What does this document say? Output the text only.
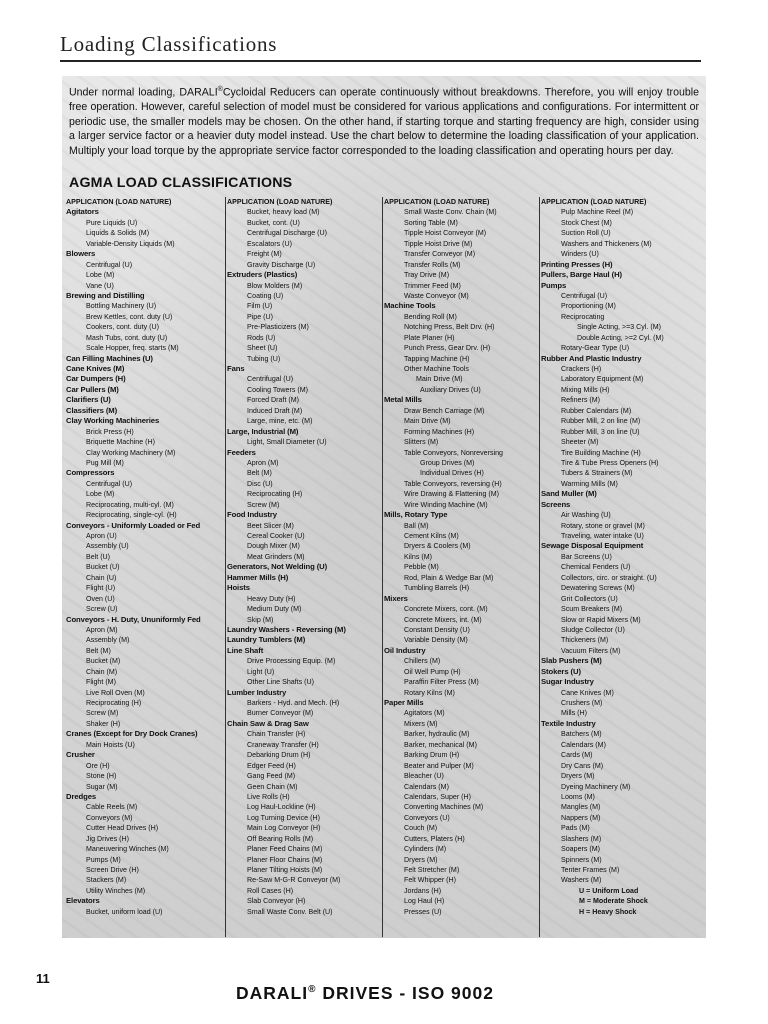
Loading Classifications

Under normal loading, DARALI®Cycloidal Reducers can operate continuously without breakdowns. Therefore, you will enjoy trouble free operation. However, careful selection of model must be considered for various applications and configurations. For intermittent or periodic use, the smaller models may be chosen. On the other hand, if starting torque and starting frequency are high, consider using a larger service factor or a heavier duty model instead. Use the chart below to determine the loading classification of your application. Multiply your load torque by the appropriate service factor corresponded to the loading classification and operating hours per day.

AGMA LOAD CLASSIFICATIONS
APPLICATION (LOAD NATURE)
Agitators
Pure Liquids (U)
Liquids & Solids (M)
Variable-Density Liquids (M)
Blowers
Centrifugal (U)
Lobe (M)
Vane (U)
Brewing and Distilling
Bottling Machinery (U)
Brew Kettles, cont. duty (U)
Cookers, cont. duty (U)
Mash Tubs, cont. duty (U)
Scale Hopper, freq. starts (M)
Can Filling Machines (U)
Cane Knives (M)
Car Dumpers (H)
Car Pullers (M)
Clarifiers (U)
Classifiers (M)
Clay Working Machineries
Brick Press (H)
Briquette Machine (H)
Clay Working Machinery (M)
Pug Mill (M)
Compressors
Centrifugal (U)
Lobe (M)
Reciprocating, multi-cyl. (M)
Reciprocating, single-cyl. (H)
Conveyors - Uniformly Loaded or Fed
Apron (U)
Assembly (U)
Belt (U)
Bucket (U)
Chain (U)
Flight (U)
Oven (U)
Screw (U)
Conveyors - H. Duty, Ununiformly Fed
Apron (M)
Assembly (M)
Belt (M)
Bucket (M)
Chain (M)
Flight (M)
Live Roll Oven (M)
Reciprocating (H)
Screw (M)
Shaker (H)
Cranes (Except for Dry Dock Cranes)
Main Hoists (U)
Crusher
Ore (H)
Stone (H)
Sugar (M)
Dredges
Cable Reels (M)
Conveyors (M)
Cutter Head Drives (H)
Jig Drives (H)
Maneuvering Winches (M)
Pumps (M)
Screen Drive (H)
Stackers (M)
Utility Winches (M)
Elevators
Bucket, uniform load (U)
APPLICATION (LOAD NATURE)
Bucket, heavy load (M)
Bucket, cont. (U)
Centrifugal Discharge (U)
Escalators (U)
Freight (M)
Gravity Discharge (U)
Extruders (Plastics)
Blow Molders (M)
Coating (U)
Film (U)
Pipe (U)
Pre-Plasticizers (M)
Rods (U)
Sheet (U)
Tubing (U)
Fans
Centrifugal (U)
Cooling Towers (M)
Forced Draft (M)
Induced Draft (M)
Large, mine, etc. (M)
Large, Industrial (M)
Light, Small Diameter (U)
Feeders
Apron (M)
Belt (M)
Disc (U)
Reciprocating (H)
Screw (M)
Food Industry
Beet Slicer (M)
Cereal Cooker (U)
Dough Mixer (M)
Meat Grinders (M)
Generators, Not Welding (U)
Hammer Mills (H)
Hoists
Heavy Duty (H)
Medium Duty (M)
Skip (M)
Laundry Washers - Reversing (M)
Laundry Tumblers (M)
Line Shaft
Drive Processing Equip. (M)
Light (U)
Other Line Shafts (U)
Lumber Industry
Barkers - Hyd. and Mech. (H)
Burner Conveyor (M)
Chain Saw & Drag Saw
Chain Transfer (H)
Craneway Transfer (H)
Debarking Drum (H)
Edger Feed (H)
Gang Feed (M)
Geen Chain (M)
Live Rolls (H)
Log Haul-Lockline (H)
Log Turning Device (H)
Main Log Conveyor (H)
Off Bearing Rolls (M)
Planer Feed Chains (M)
Planer Floor Chains (M)
Planer Tilting Hoists (M)
Re-Saw M-G-R Conveyor (M)
Roll Cases (H)
Slab Conveyor (H)
Small Waste Conv. Belt (U)
APPLICATION (LOAD NATURE)
Small Waste Conv. Chain (M)
Sorting Table (M)
Tipple Hoist Conveyor (M)
Tipple Hoist Drive (M)
Transfer Conveyor (M)
Transfer Rolls (M)
Tray Drive (M)
Trimmer Feed (M)
Waste Conveyor (M)
Machine Tools
Bending Roll (M)
Notching Press, Belt Drv. (H)
Plate Planer (H)
Punch Press, Gear Drv. (H)
Tapping Machine (H)
Other Machine Tools
Main Drive (M)
Auxiliary Drives (U)
Metal Mills
Draw Bench Carriage (M)
Main Drive (M)
Forming Machines (H)
Slitters (M)
Table Conveyors, Nonreversing
Group Drives (M)
Individual Drives (H)
Table Conveyors, reversing (H)
Wire Drawing & Flattening (M)
Wire Winding Machine (M)
Mills, Rotary Type
Ball (M)
Cement Kilns (M)
Dryers & Coolers (M)
Kilns (M)
Pebble (M)
Rod, Plain & Wedge Bar (M)
Tumbling Barrels (H)
Mixers
Concrete Mixers, cont. (M)
Concrete Mixers, int. (M)
Constant Density (U)
Variable Density (M)
Oil Industry
Chillers (M)
Oil Well Pump (H)
Paraffin Filter Press (M)
Rotary Kilns (M)
Paper Mills
Agitators (M)
Mixers (M)
Barker, hydraulic (M)
Barker, mechanical (M)
Barking Drum (H)
Beater and Pulper (M)
Bleacher (U)
Calendars (M)
Calendars, Super (H)
Converting Machines (M)
Conveyors (U)
Couch (M)
Cutters, Platers (H)
Cylinders (M)
Dryers (M)
Felt Stretcher (M)
Felt Whipper (H)
Jordans (H)
Log Haul (H)
Presses (U)
APPLICATION (LOAD NATURE)
Pulp Machine Reel (M)
Stock Chest (M)
Suction Roll (U)
Washers and Thickeners (M)
Winders (U)
Printing Presses (H)
Pullers, Barge Haul (H)
Pumps
Centrifugal (U)
Proportioning (M)
Reciprocating
Single Acting, >=3 Cyl. (M)
Double Acting, >=2 Cyl. (M)
Rotary-Gear Type (U)
Rubber And Plastic Industry
Crackers (H)
Laboratory Equipment (M)
Mixing Mills (H)
Refiners (M)
Rubber Calendars (M)
Rubber Mill, 2 on line (M)
Rubber Mill, 3 on line (U)
Sheeter (M)
Tire Building Machine (H)
Tire & Tube Press Openers (H)
Tubers & Strainers (M)
Warming Mills (M)
Sand Muller (M)
Screens
Air Washing (U)
Rotary, stone or gravel (M)
Traveling, water intake (U)
Sewage Disposal Equipment
Bar Screens (U)
Chemical Fenders (U)
Collectors, circ. or straight. (U)
Dewatering Screws (M)
Grit Collectors (U)
Scum Breakers (M)
Slow or Rapid Mixers (M)
Sludge Collector (U)
Thickeners (M)
Vacuum Filters (M)
Slab Pushers (M)
Stokers (U)
Sugar Industry
Cane Knives (M)
Crushers (M)
Mills (H)
Textile Industry
Batchers (M)
Calendars (M)
Cards (M)
Dry Cans (M)
Dryers (M)
Dyeing Machinery (M)
Looms (M)
Mangles (M)
Nappers (M)
Pads (M)
Slashers (M)
Soapers (M)
Spinners (M)
Tenter Frames (M)
Washers (M)
U = Uniform Load
M = Moderate Shock
H = Heavy Shock
11
DARALI® DRIVES - ISO 9002
